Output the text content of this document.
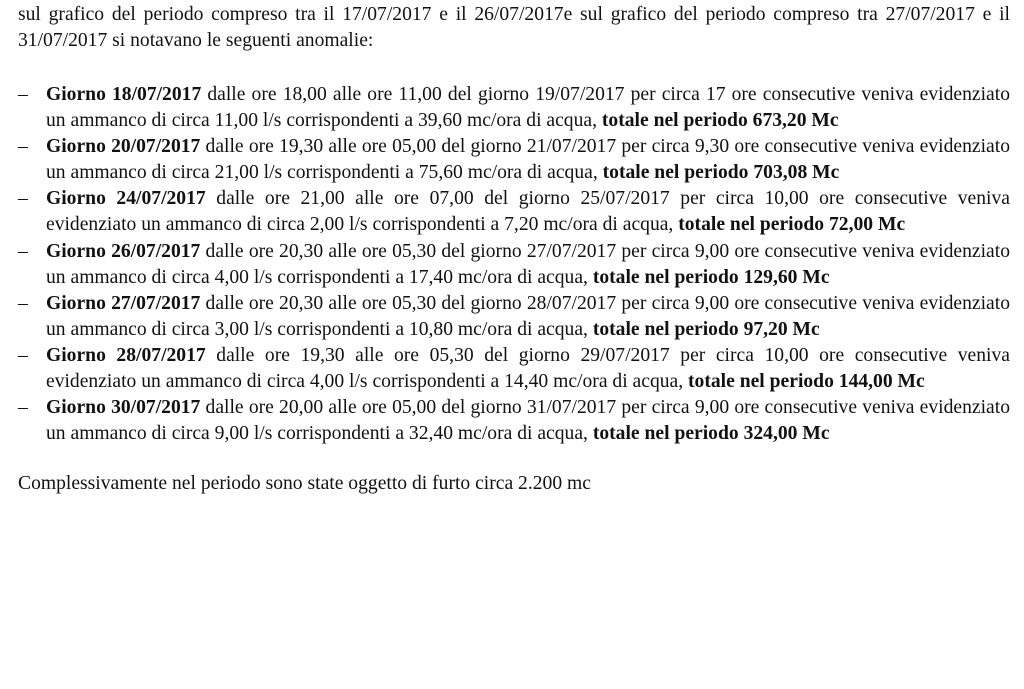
sul grafico del periodo compreso tra il 17/07/2017 e il 26/07/2017e sul grafico del periodo compreso tra 27/07/2017 e il 31/07/2017 si notavano le seguenti anomalie:

– Giorno 18/07/2017 dalle ore 18,00 alle ore 11,00 del giorno 19/07/2017 per circa 17 ore consecutive veniva evidenziato un ammanco di circa 11,00 l/s corrispondenti a 39,60 mc/ora di acqua, totale nel periodo 673,20 Mc
– Giorno 20/07/2017 dalle ore 19,30 alle ore 05,00 del giorno 21/07/2017 per circa 9,30 ore consecutive veniva evidenziato un ammanco di circa 21,00 l/s corrispondenti a 75,60 mc/ora di acqua, totale nel periodo 703,08 Mc
– Giorno 24/07/2017 dalle ore 21,00 alle ore 07,00 del giorno 25/07/2017 per circa 10,00 ore consecutive veniva evidenziato un ammanco di circa 2,00 l/s corrispondenti a 7,20 mc/ora di acqua, totale nel periodo 72,00 Mc
– Giorno 26/07/2017 dalle ore 20,30 alle ore 05,30 del giorno 27/07/2017 per circa 9,00 ore consecutive veniva evidenziato un ammanco di circa 4,00 l/s corrispondenti a 17,40 mc/ora di acqua, totale nel periodo 129,60 Mc
– Giorno 27/07/2017 dalle ore 20,30 alle ore 05,30 del giorno 28/07/2017 per circa 9,00 ore consecutive veniva evidenziato un ammanco di circa 3,00 l/s corrispondenti a 10,80 mc/ora di acqua, totale nel periodo 97,20 Mc
– Giorno 28/07/2017 dalle ore 19,30 alle ore 05,30 del giorno 29/07/2017 per circa 10,00 ore consecutive veniva evidenziato un ammanco di circa 4,00 l/s corrispondenti a 14,40 mc/ora di acqua, totale nel periodo 144,00 Mc
– Giorno 30/07/2017 dalle ore 20,00 alle ore 05,00 del giorno 31/07/2017 per circa 9,00 ore consecutive veniva evidenziato un ammanco di circa 9,00 l/s corrispondenti a 32,40 mc/ora di acqua, totale nel periodo 324,00 Mc

Complessivamente nel periodo sono state oggetto di furto circa 2.200 mc
